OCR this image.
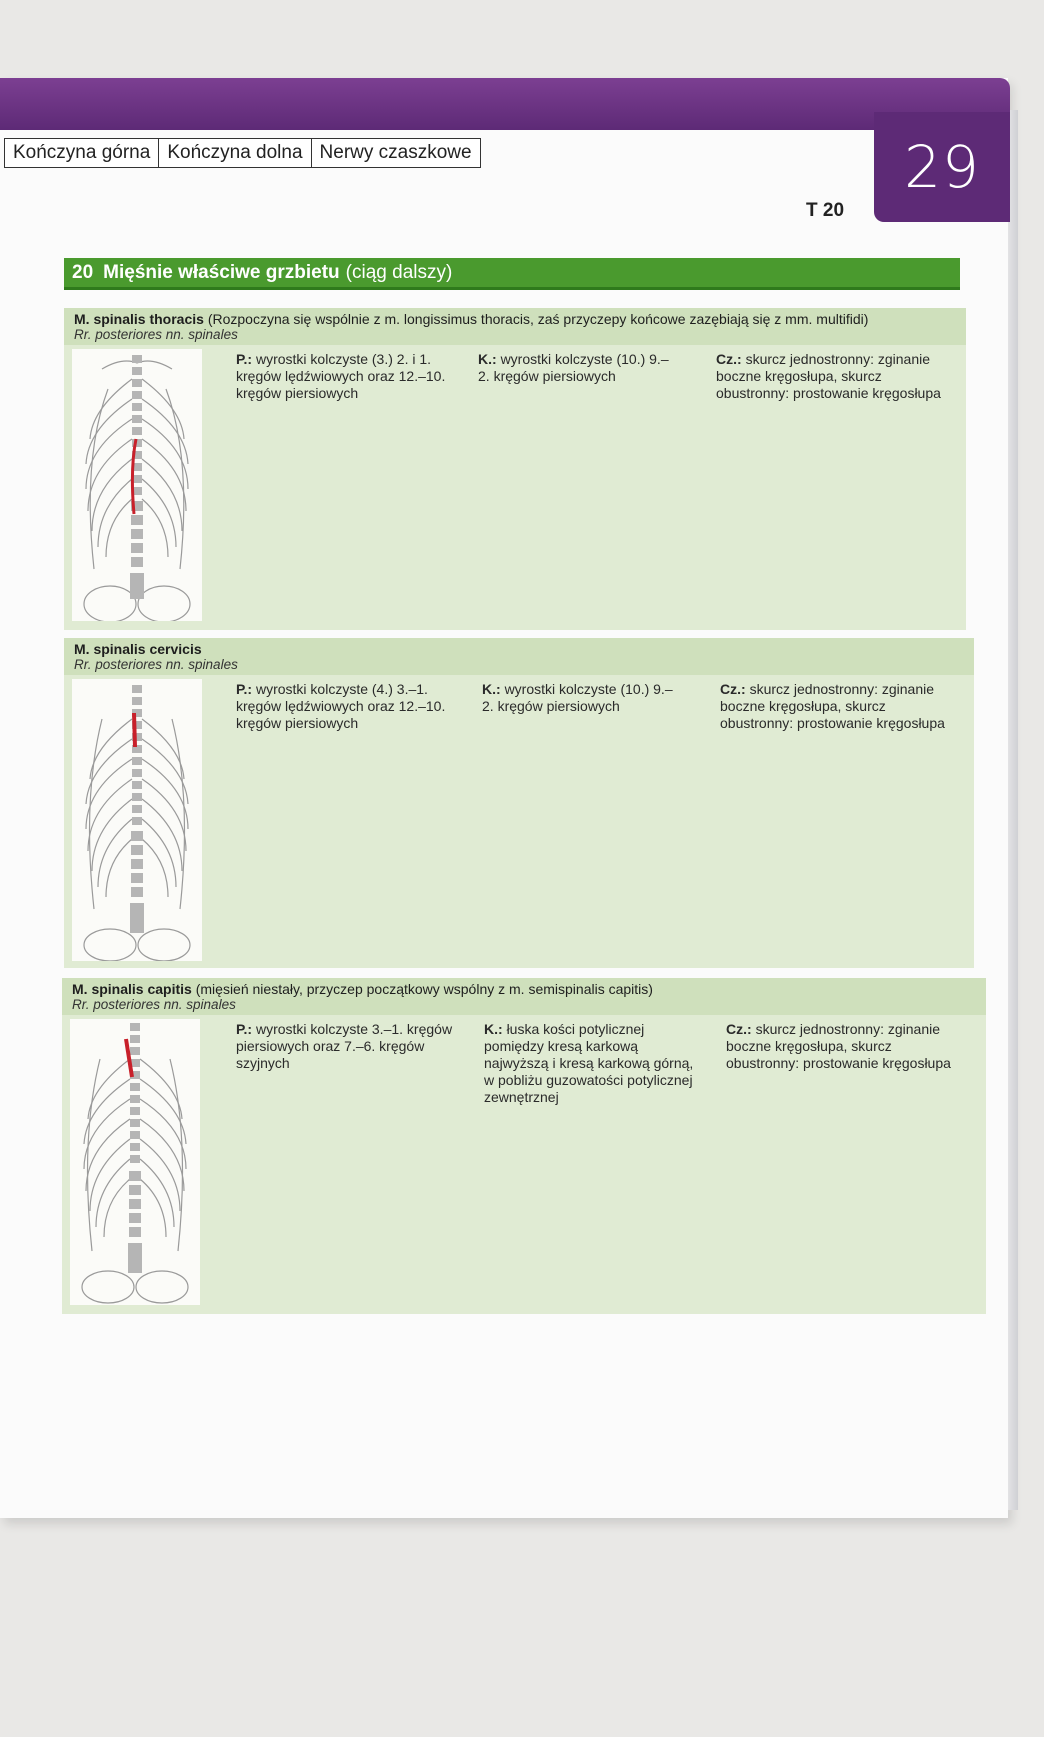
29
Kończyna górna Kończyna dolna Nerwy czaszkowe
T 20
20 Mięśnie właściwe grzbietu (ciąg dalszy)
M. spinalis thoracis (Rozpoczyna się wspólnie z m. longissimus thoracis, zaś przyczepy końcowe zazębiają się z mm. multifidi)
Rr. posteriores nn. spinales
P.: wyrostki kolczyste (3.) 2. i 1. kręgów lędźwiowych oraz 12.–10. kręgów piersiowych
K.: wyrostki kolczyste (10.) 9.–2. kręgów piersiowych
Cz.: skurcz jednostronny: zginanie boczne kręgosłupa, skurcz obustronny: prostowanie kręgosłupa
M. spinalis cervicis
Rr. posteriores nn. spinales
P.: wyrostki kolczyste (4.) 3.–1. kręgów lędźwiowych oraz 12.–10. kręgów piersiowych
K.: wyrostki kolczyste (10.) 9.–2. kręgów piersiowych
Cz.: skurcz jednostronny: zginanie boczne kręgosłupa, skurcz obustronny: prostowanie kręgosłupa
M. spinalis capitis (mięsień niestały, przyczep początkowy wspólny z m. semispinalis capitis)
Rr. posteriores nn. spinales
P.: wyrostki kolczyste 3.–1. kręgów piersiowych oraz 7.–6. kręgów szyjnych
K.: łuska kości potylicznej pomiędzy kresą karkową najwyższą i kresą karkową górną, w pobliżu guzowatości potylicznej zewnętrznej
Cz.: skurcz jednostronny: zginanie boczne kręgosłupa, skurcz obustronny: prostowanie kręgosłupa
